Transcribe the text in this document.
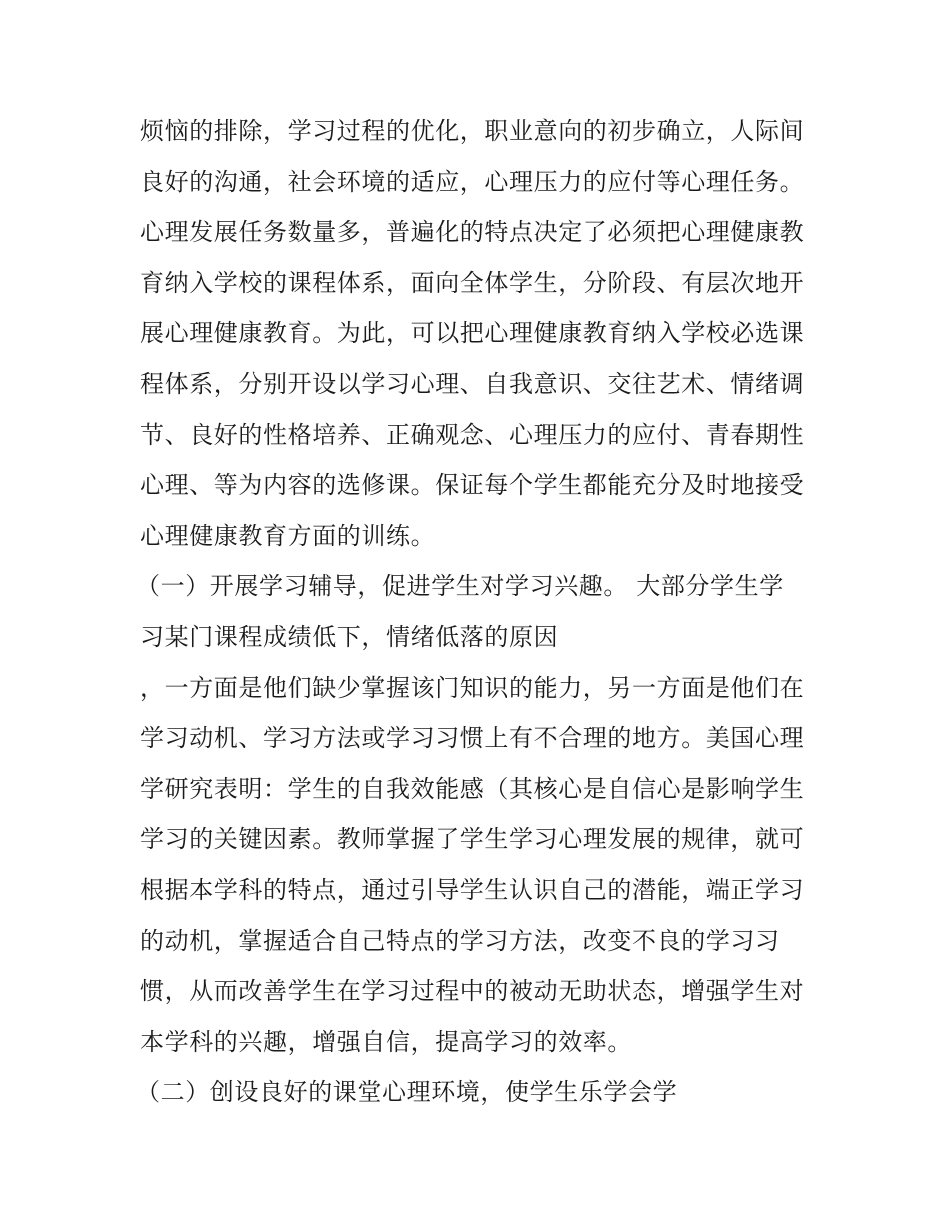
烦恼的排除，学习过程的优化，职业意向的初步确立，人际间
良好的沟通，社会环境的适应，心理压力的应付等心理任务。
心理发展任务数量多，普遍化的特点决定了必须把心理健康教
育纳入学校的课程体系，面向全体学生，分阶段、有层次地开
展心理健康教育。为此，可以把心理健康教育纳入学校必选课
程体系，分别开设以学习心理、自我意识、交往艺术、情绪调
节、良好的性格培养、正确观念、心理压力的应付、青春期性
心理、等为内容的选修课。保证每个学生都能充分及时地接受
心理健康教育方面的训练。
（一）开展学习辅导，促进学生对学习兴趣。 大部分学生学
习某门课程成绩低下，情绪低落的原因
，一方面是他们缺少掌握该门知识的能力，另一方面是他们在
学习动机、学习方法或学习习惯上有不合理的地方。美国心理
学研究表明：学生的自我效能感（其核心是自信心是影响学生
学习的关键因素。教师掌握了学生学习心理发展的规律，就可
根据本学科的特点，通过引导学生认识自己的潜能，端正学习
的动机，掌握适合自己特点的学习方法，改变不良的学习习
惯，从而改善学生在学习过程中的被动无助状态，增强学生对
本学科的兴趣，增强自信，提高学习的效率。
（二）创设良好的课堂心理环境，使学生乐学会学
